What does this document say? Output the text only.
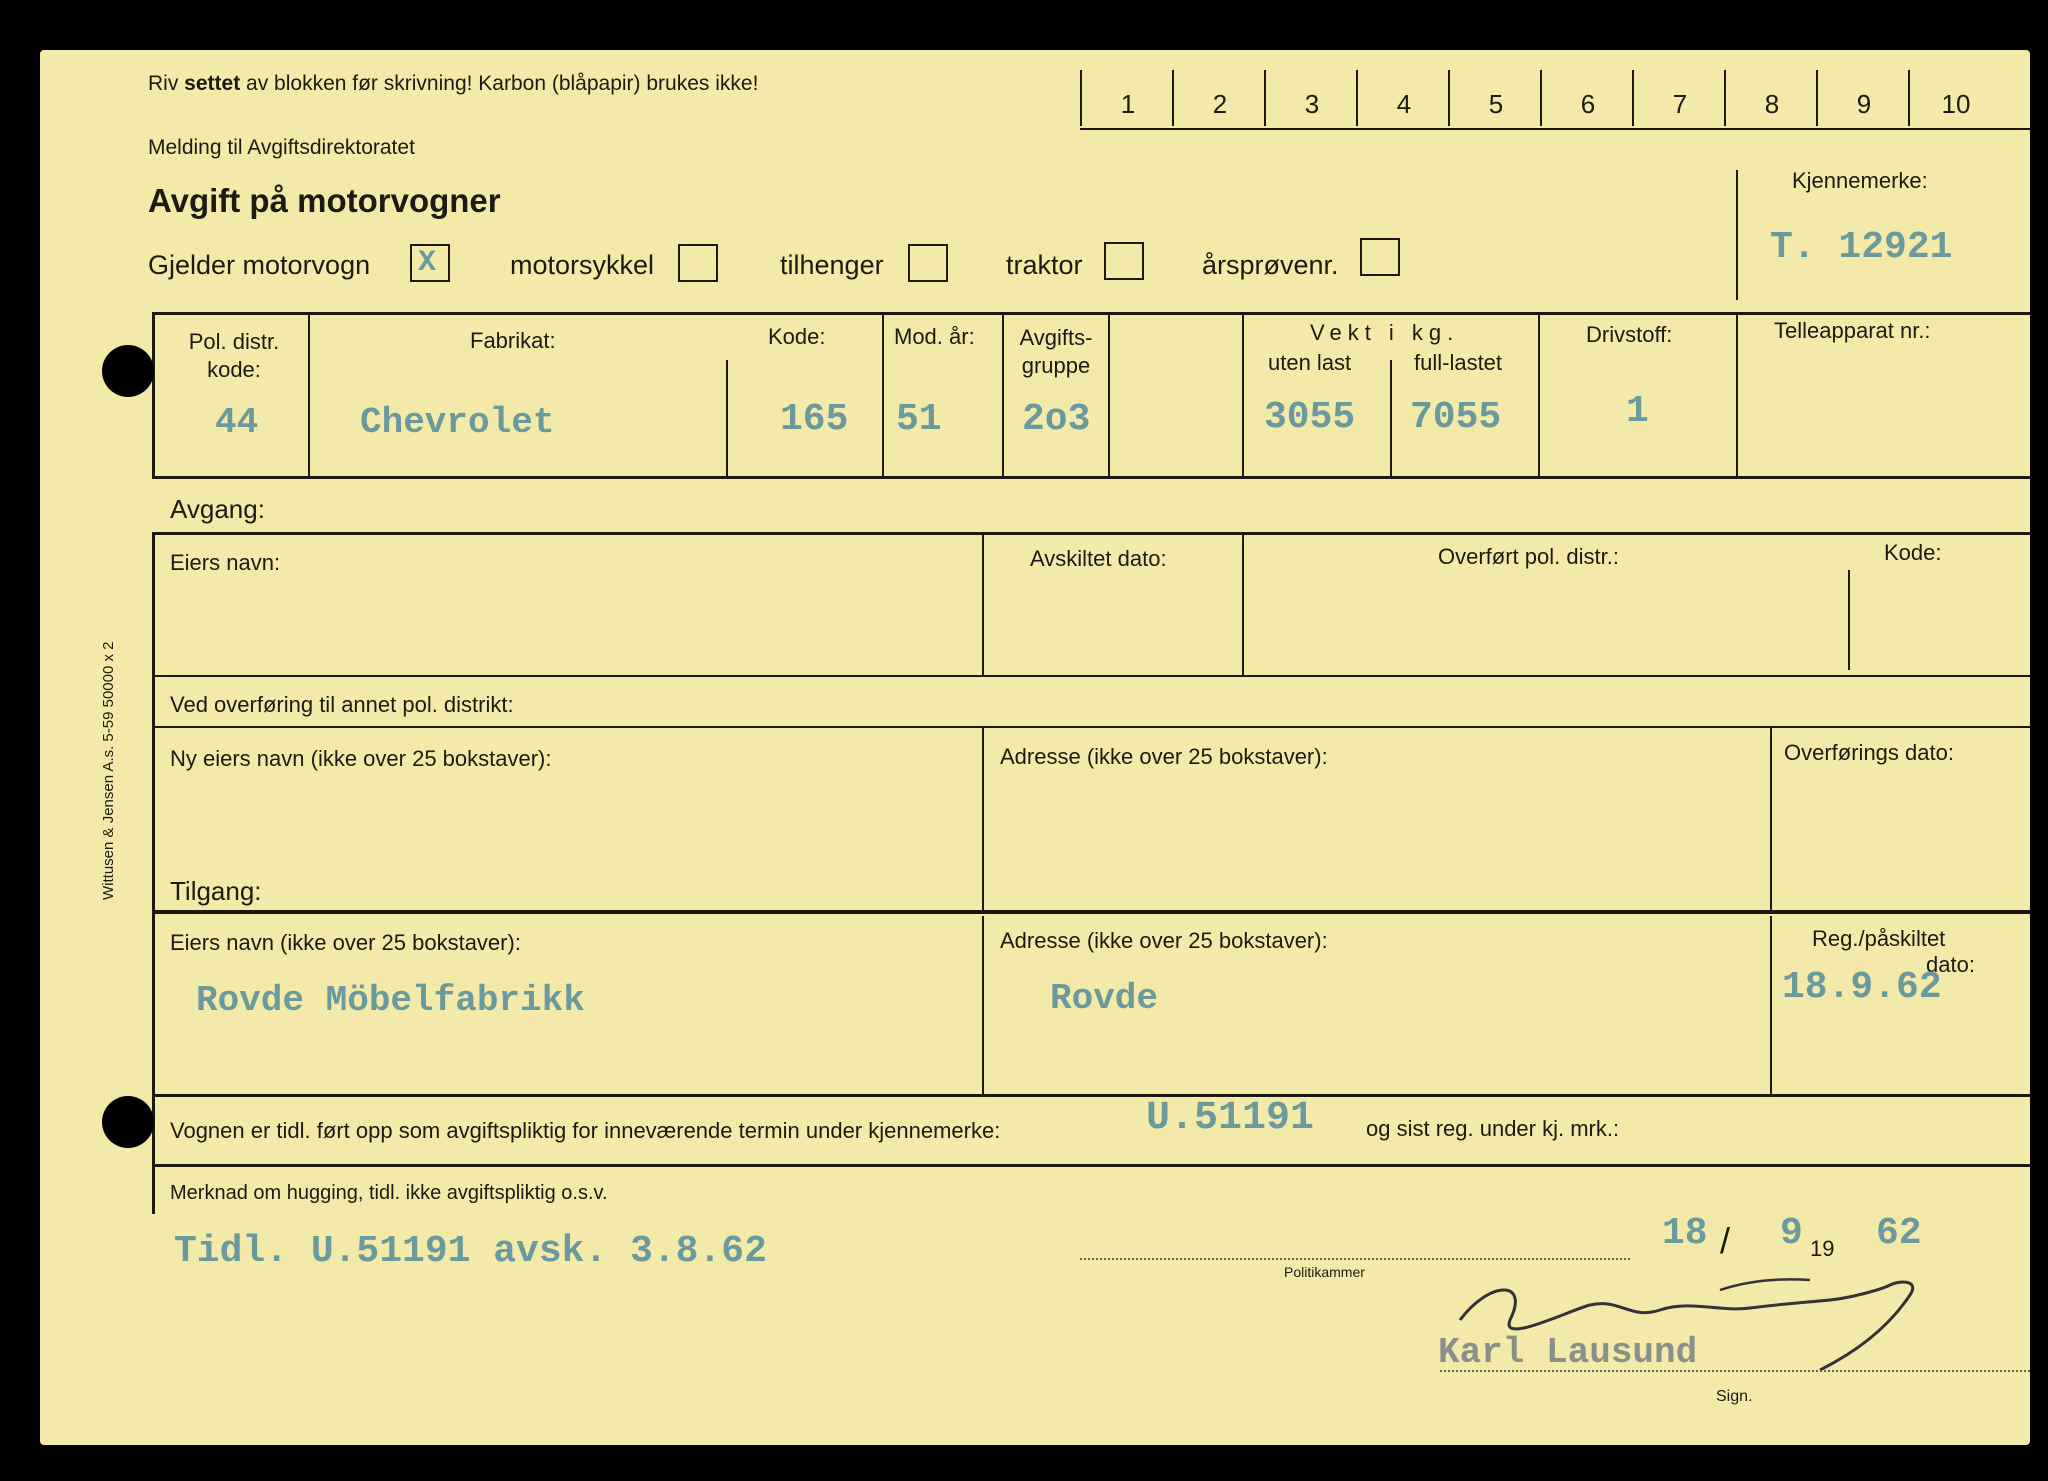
Riv settet av blokken før skrivning! Karbon (blåpapir) brukes ikke!
Melding til Avgiftsdirektoratet
Avgift på motorvogner
1	2	3	4	5	6	7	8	9	10
Kjennemerke:
T. 12921
Gjelder motorvogn X	motorsykkel	tilhenger	traktor	årsprøvenr.
Pol. distr. kode:
44
Fabrikat:
Chevrolet
Kode:
165
Mod. år:
51
Avgifts- gruppe
2o3
Vekt i kg.
uten last	full-lastet
3055 7055
Drivstoff:
1
Telleapparat nr.:
Avgang:
Eiers navn:	Avskiltet dato:	Overført pol. distr.:	Kode:
Ved overføring til annet pol. distrikt:
Ny eiers navn (ikke over 25 bokstaver):	Adresse (ikke over 25 bokstaver):	Overførings dato:
Tilgang:
Eiers navn (ikke over 25 bokstaver):
Rovde Möbelfabrikk
Adresse (ikke over 25 bokstaver):
Rovde
Reg./påskiltet
dato:
18.9.62
Vognen er tidl. ført opp som avgiftspliktig for inneværende termin under kjennemerke:	U.51191 og sist reg. under kj. mrk.:
Merknad om hugging, tidl. ikke avgiftspliktig o.s.v.
Tidl. U.51191 avsk. 3.8.62	18 / 9 19 62
Politikammer
Karl Lausund
Sign.
Wittusen & Jensen A.s. 5-59 50000 x 2
